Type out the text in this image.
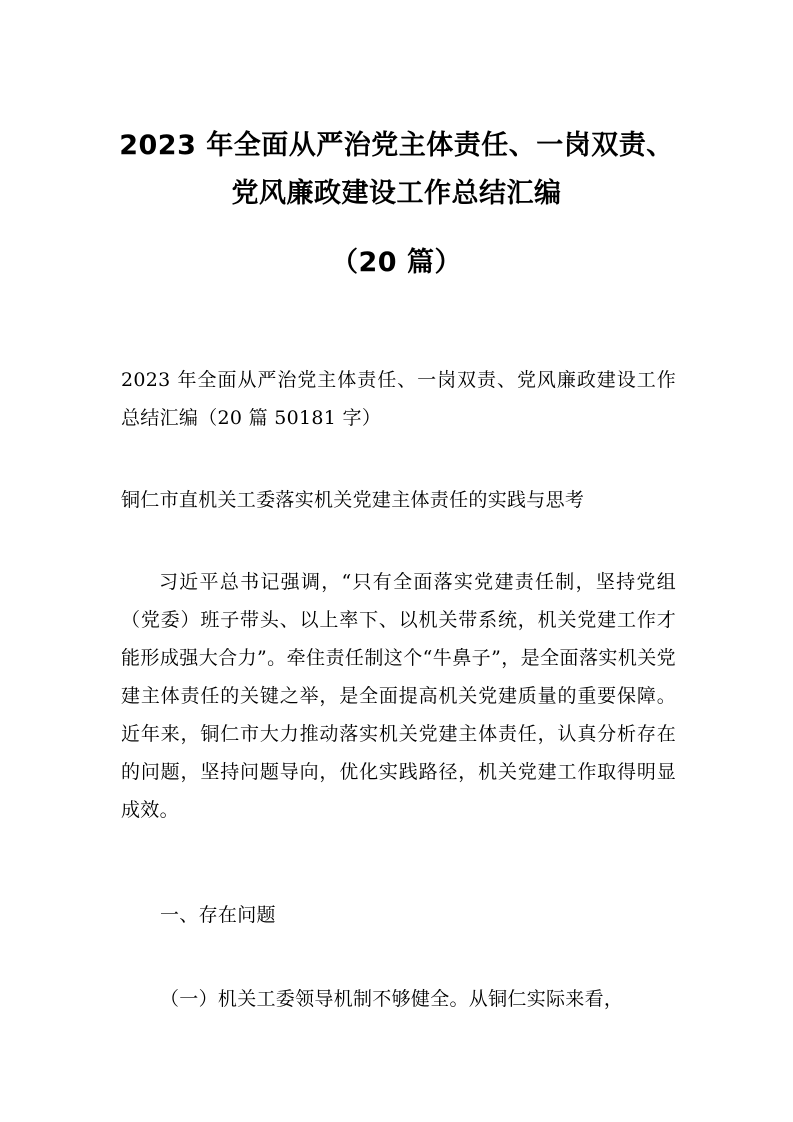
2023 年全面从严治党主体责任、一岗双责、
党风廉政建设工作总结汇编
（20 篇）

2023 年全面从严治党主体责任、一岗双责、党风廉政建设工作总结汇编（20 篇 50181 字）

铜仁市直机关工委落实机关党建主体责任的实践与思考

习近平总书记强调，“只有全面落实党建责任制，坚持党组（党委）班子带头、以上率下、以机关带系统，机关党建工作才能形成强大合力”。牵住责任制这个“牛鼻子”，是全面落实机关党建主体责任的关键之举，是全面提高机关党建质量的重要保障。近年来，铜仁市大力推动落实机关党建主体责任，认真分析存在的问题，坚持问题导向，优化实践路径，机关党建工作取得明显成效。

一、存在问题

（一）机关工委领导机制不够健全。从铜仁实际来看，
